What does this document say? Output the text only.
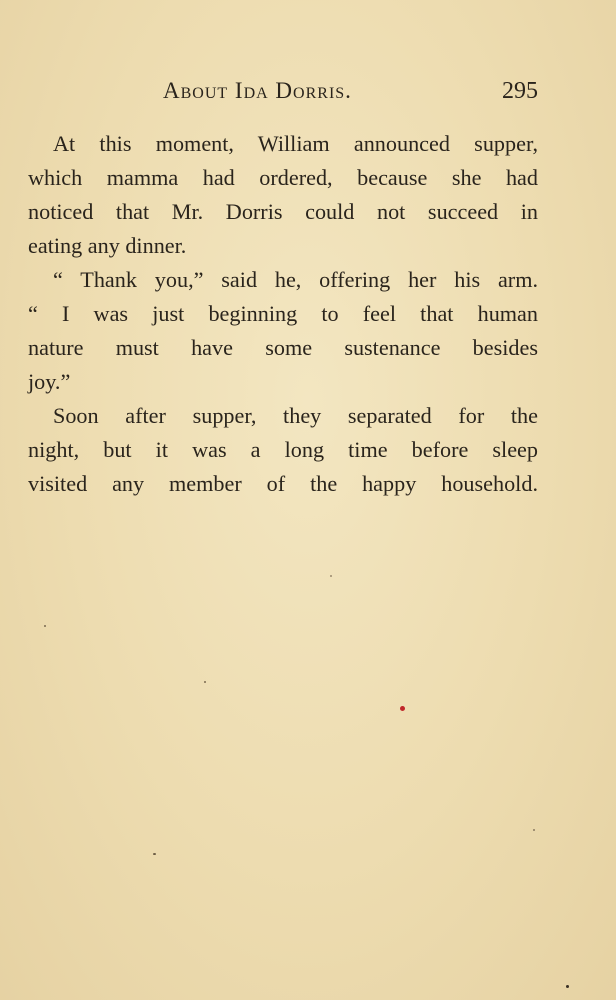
About Ida Dorris.	295

At this moment, William announced supper,
which mamma had ordered, because she had
noticed that Mr. Dorris could not succeed in
eating any dinner.

“ Thank you,” said he, offering her his arm.
“ I was just beginning to feel that human
nature must have some sustenance besides
joy.”

Soon after supper, they separated for the
night, but it was a long time before sleep
visited any member of the happy household.
